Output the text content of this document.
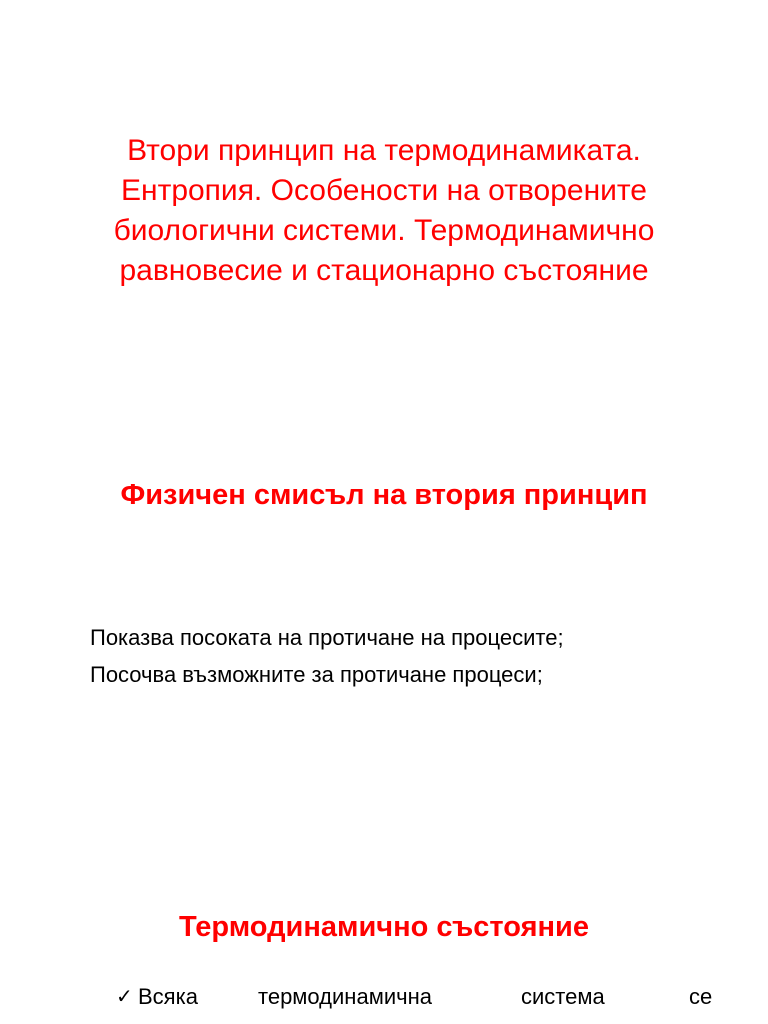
Втори принцип на термодинамиката.
Ентропия. Особености на отворените
биологични системи. Термодинамично
равновесие и стационарно състояние
Физичен смисъл на втория принцип
Показва посоката на протичане на процесите;
Посочва възможните за протичане процеси;
Термодинамично състояние
✓ Всяка	термодинамична	система	се
